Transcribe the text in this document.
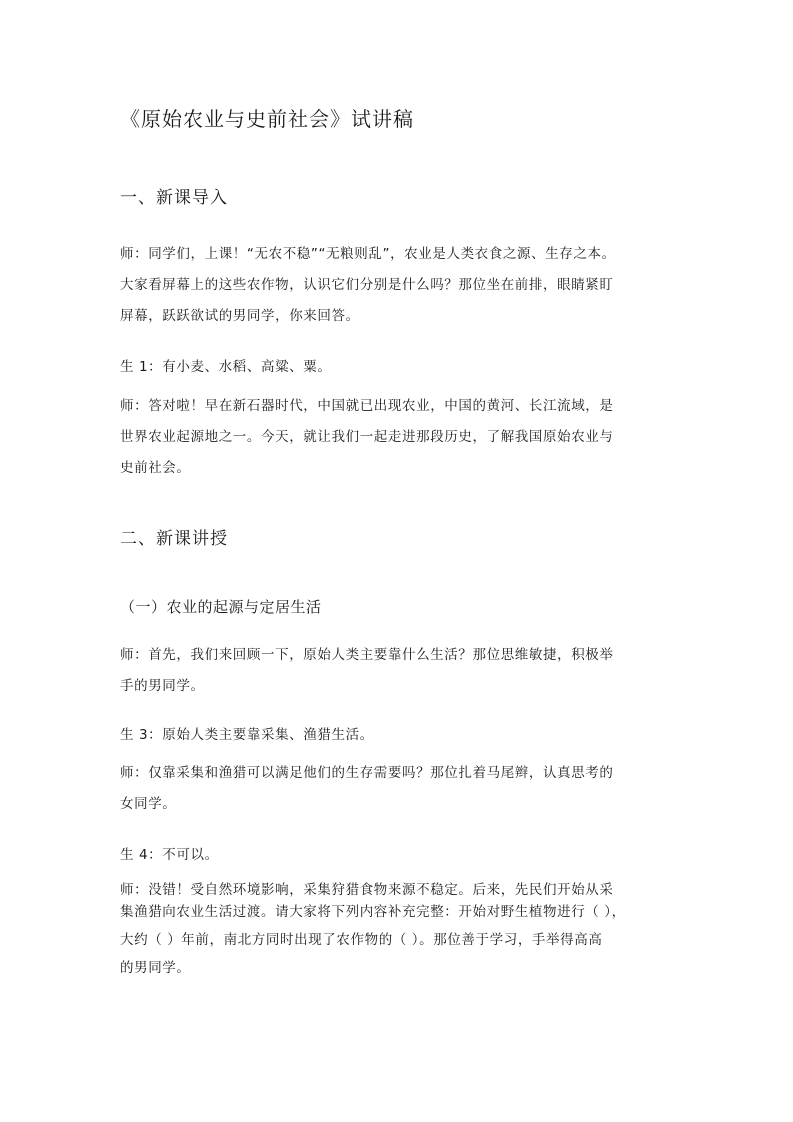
《原始农业与史前社会》试讲稿
一、新课导入
师：同学们，上课！“无农不稳”“无粮则乱”，农业是人类衣食之源、生存之本。
大家看屏幕上的这些农作物，认识它们分别是什么吗？那位坐在前排，眼睛紧盯
屏幕，跃跃欲试的男同学，你来回答。
生 1：有小麦、水稻、高粱、粟。
师：答对啦！早在新石器时代，中国就已出现农业，中国的黄河、长江流域，是
世界农业起源地之一。今天，就让我们一起走进那段历史，了解我国原始农业与
史前社会。
二、新课讲授
（一）农业的起源与定居生活
师：首先，我们来回顾一下，原始人类主要靠什么生活？那位思维敏捷，积极举
手的男同学。
生 3：原始人类主要靠采集、渔猎生活。
师：仅靠采集和渔猎可以满足他们的生存需要吗？那位扎着马尾辫，认真思考的
女同学。
生 4：不可以。
师：没错！受自然环境影响，采集狩猎食物来源不稳定。后来，先民们开始从采
集渔猎向农业生活过渡。请大家将下列内容补充完整：开始对野生植物进行（ ），
大约（ ）年前，南北方同时出现了农作物的（ ）。那位善于学习，手举得高高
的男同学。
